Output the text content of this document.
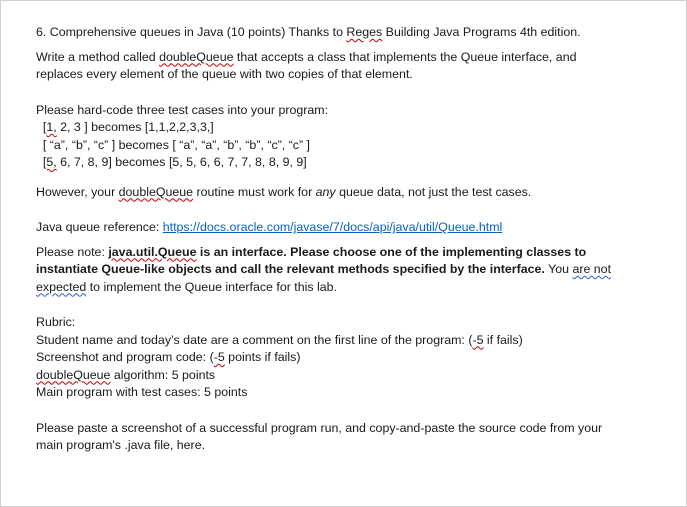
6. Comprehensive queues in Java (10 points) Thanks to Reges Building Java Programs 4th edition.

Write a method called doubleQueue that accepts a class that implements the Queue interface, and

replaces every element of the queue with two copies of that element.

Please hard-code three test cases into your program:

[1, 2, 3 ] becomes [1,1,2,2,3,3,]

[ “a”, “b”, “c” ] becomes [ “a”, “a”, “b”, “b”, “c”, “c” ]

[5, 6, 7, 8, 9] becomes [5, 5, 6, 6, 7, 7, 8, 8, 9, 9]

However, your doubleQueue routine must work for any queue data, not just the test cases.

Java queue reference: https://docs.oracle.com/javase/7/docs/api/java/util/Queue.html

Please note: java.util.Queue is an interface. Please choose one of the implementing classes to

instantiate Queue-like objects and call the relevant methods specified by the interface. You are not

expected to implement the Queue interface for this lab.

Rubric:

Student name and today’s date are a comment on the first line of the program: (-5 if fails)

Screenshot and program code: (-5 points if fails)

doubleQueue algorithm: 5 points

Main program with test cases: 5 points

Please paste a screenshot of a successful program run, and copy-and-paste the source code from your

main program's .java file, here.
